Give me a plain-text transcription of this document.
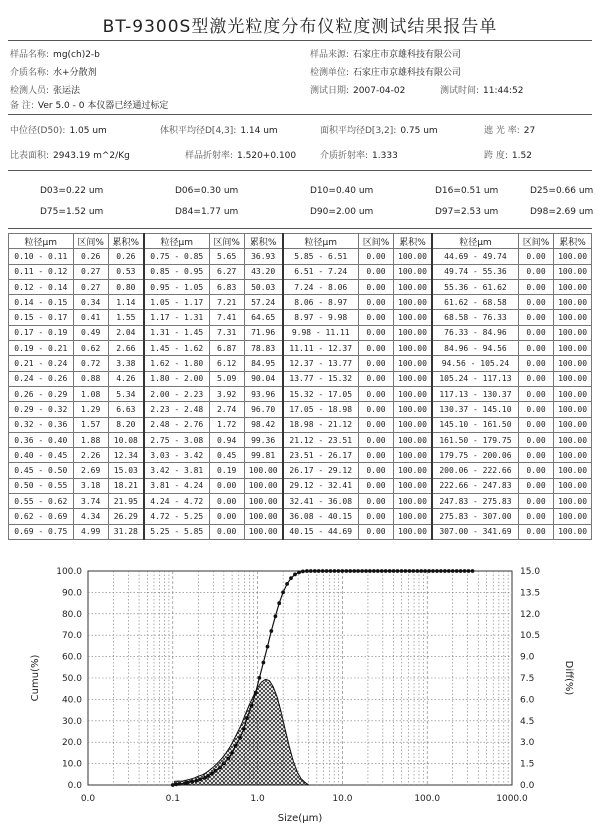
BT-9300S型激光粒度分布仪粒度测试结果报告单
样品名称: mg(ch)2-b	样品来源: 石家庄市京雄科技有限公司
介质名称: 水+分散剂	检测单位: 石家庄市京雄科技有限公司
检测人员: 张运法	测试日期: 2007-04-02	测试时间: 11:44:52
备 注: Ver 5.0 - 0 本仪器已经通过标定
中位径(D50): 1.05 um	体积平均径D[4,3]: 1.14 um	面积平均径D[3,2]: 0.75 um	遮 光 率: 27
比表面积: 2943.19 m^2/Kg	样品折射率: 1.520+0.100	介质折射率: 1.333	跨 度: 1.52
D03=0.22 um	D06=0.30 um	D10=0.40 um	D16=0.51 um	D25=0.66 um
D75=1.52 um	D84=1.77 um	D90=2.00 um	D97=2.53 um	D98=2.69 um
粒径μm	区间%	累积%	粒径μm	区间%	累积%	粒径μm	区间%	累积%	粒径μm	区间%	累积%
0.10 - 0.11	0.26	0.26	0.75 - 0.85	5.65	36.93	5.85 - 6.51	0.00	100.00	44.69 - 49.74	0.00	100.00
0.11 - 0.12	0.27	0.53	0.85 - 0.95	6.27	43.20	6.51 - 7.24	0.00	100.00	49.74 - 55.36	0.00	100.00
0.12 - 0.14	0.27	0.80	0.95 - 1.05	6.83	50.03	7.24 - 8.06	0.00	100.00	55.36 - 61.62	0.00	100.00
0.14 - 0.15	0.34	1.14	1.05 - 1.17	7.21	57.24	8.06 - 8.97	0.00	100.00	61.62 - 68.58	0.00	100.00
0.15 - 0.17	0.41	1.55	1.17 - 1.31	7.41	64.65	8.97 - 9.98	0.00	100.00	68.58 - 76.33	0.00	100.00
0.17 - 0.19	0.49	2.04	1.31 - 1.45	7.31	71.96	9.98 - 11.11	0.00	100.00	76.33 - 84.96	0.00	100.00
0.19 - 0.21	0.62	2.66	1.45 - 1.62	6.87	78.83	11.11 - 12.37	0.00	100.00	84.96 - 94.56	0.00	100.00
0.21 - 0.24	0.72	3.38	1.62 - 1.80	6.12	84.95	12.37 - 13.77	0.00	100.00	94.56 - 105.24	0.00	100.00
0.24 - 0.26	0.88	4.26	1.80 - 2.00	5.09	90.04	13.77 - 15.32	0.00	100.00	105.24 - 117.13	0.00	100.00
0.26 - 0.29	1.08	5.34	2.00 - 2.23	3.92	93.96	15.32 - 17.05	0.00	100.00	117.13 - 130.37	0.00	100.00
0.29 - 0.32	1.29	6.63	2.23 - 2.48	2.74	96.70	17.05 - 18.98	0.00	100.00	130.37 - 145.10	0.00	100.00
0.32 - 0.36	1.57	8.20	2.48 - 2.76	1.72	98.42	18.98 - 21.12	0.00	100.00	145.10 - 161.50	0.00	100.00
0.36 - 0.40	1.88	10.08	2.75 - 3.08	0.94	99.36	21.12 - 23.51	0.00	100.00	161.50 - 179.75	0.00	100.00
0.40 - 0.45	2.26	12.34	3.03 - 3.42	0.45	99.81	23.51 - 26.17	0.00	100.00	179.75 - 200.06	0.00	100.00
0.45 - 0.50	2.69	15.03	3.42 - 3.81	0.19	100.00	26.17 - 29.12	0.00	100.00	200.06 - 222.66	0.00	100.00
0.50 - 0.55	3.18	18.21	3.81 - 4.24	0.00	100.00	29.12 - 32.41	0.00	100.00	222.66 - 247.83	0.00	100.00
0.55 - 0.62	3.74	21.95	4.24 - 4.72	0.00	100.00	32.41 - 36.08	0.00	100.00	247.83 - 275.83	0.00	100.00
0.62 - 0.69	4.34	26.29	4.72 - 5.25	0.00	100.00	36.08 - 40.15	0.00	100.00	275.83 - 307.00	0.00	100.00
0.69 - 0.75	4.99	31.28	5.25 - 5.85	0.00	100.00	40.15 - 44.69	0.00	100.00	307.00 - 341.69	0.00	100.00
0.0
10.0
20.0
30.0
40.0
50.0
60.0
70.0
80.0
90.0
100.0
0.0
1.5
3.0
4.5
6.0
7.5
9.0
10.5
12.0
13.5
15.0
0.0	0.1	1.0	10.0	100.0	1000.0
Size(μm)
Cumu(%)	Diff(%)
